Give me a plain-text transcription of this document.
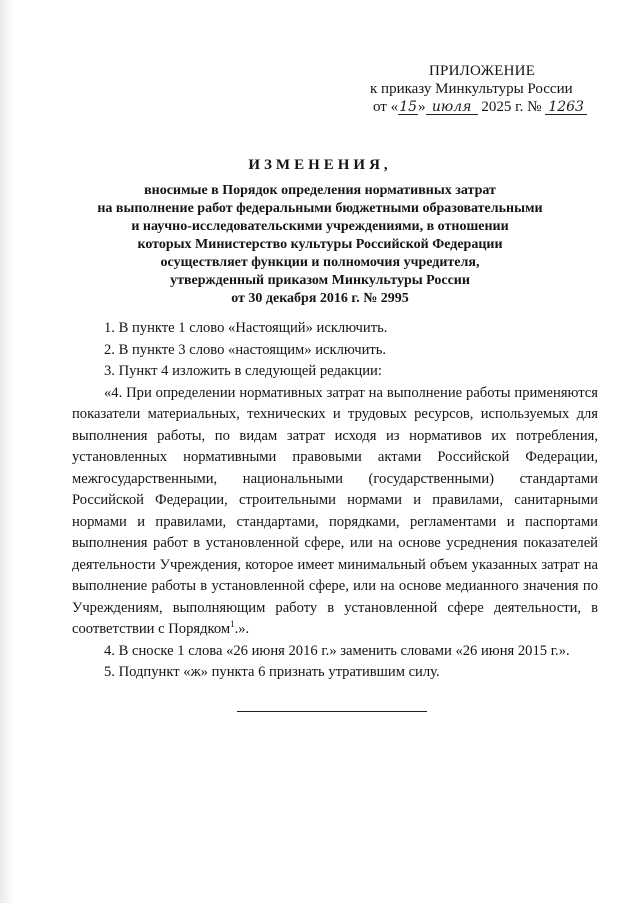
ПРИЛОЖЕНИЕ
к приказу Минкультуры России
от «15» июля 2025 г. № 1263
ИЗМЕНЕНИЯ,
вносимые в Порядок определения нормативных затрат
на выполнение работ федеральными бюджетными образовательными
и научно-исследовательскими учреждениями, в отношении
которых Министерство культуры Российской Федерации
осуществляет функции и полномочия учредителя,
утвержденный приказом Минкультуры России
от 30 декабря 2016 г. № 2995

1. В пункте 1 слово «Настоящий» исключить.

2. В пункте 3 слово «настоящим» исключить.

3. Пункт 4 изложить в следующей редакции:

«4. При определении нормативных затрат на выполнение работы применяются показатели материальных, технических и трудовых ресурсов, используемых для выполнения работы, по видам затрат исходя из нормативов их потребления, установленных нормативными правовыми актами Российской Федерации, межгосударственными, национальными (государственными) стандартами Российской Федерации, строительными нормами и правилами, санитарными нормами и правилами, стандартами, порядками, регламентами и паспортами выполнения работ в установленной сфере, или на основе усреднения показателей деятельности Учреждения, которое имеет минимальный объем указанных затрат на выполнение работы в установленной сфере, или на основе медианного значения по Учреждениям, выполняющим работу в установленной сфере деятельности, в соответствии с Порядком$^1$.».

4. В сноске 1 слова «26 июня 2016 г.» заменить словами «26 июня 2015 г.».

5. Подпункт «ж» пункта 6 признать утратившим силу.
